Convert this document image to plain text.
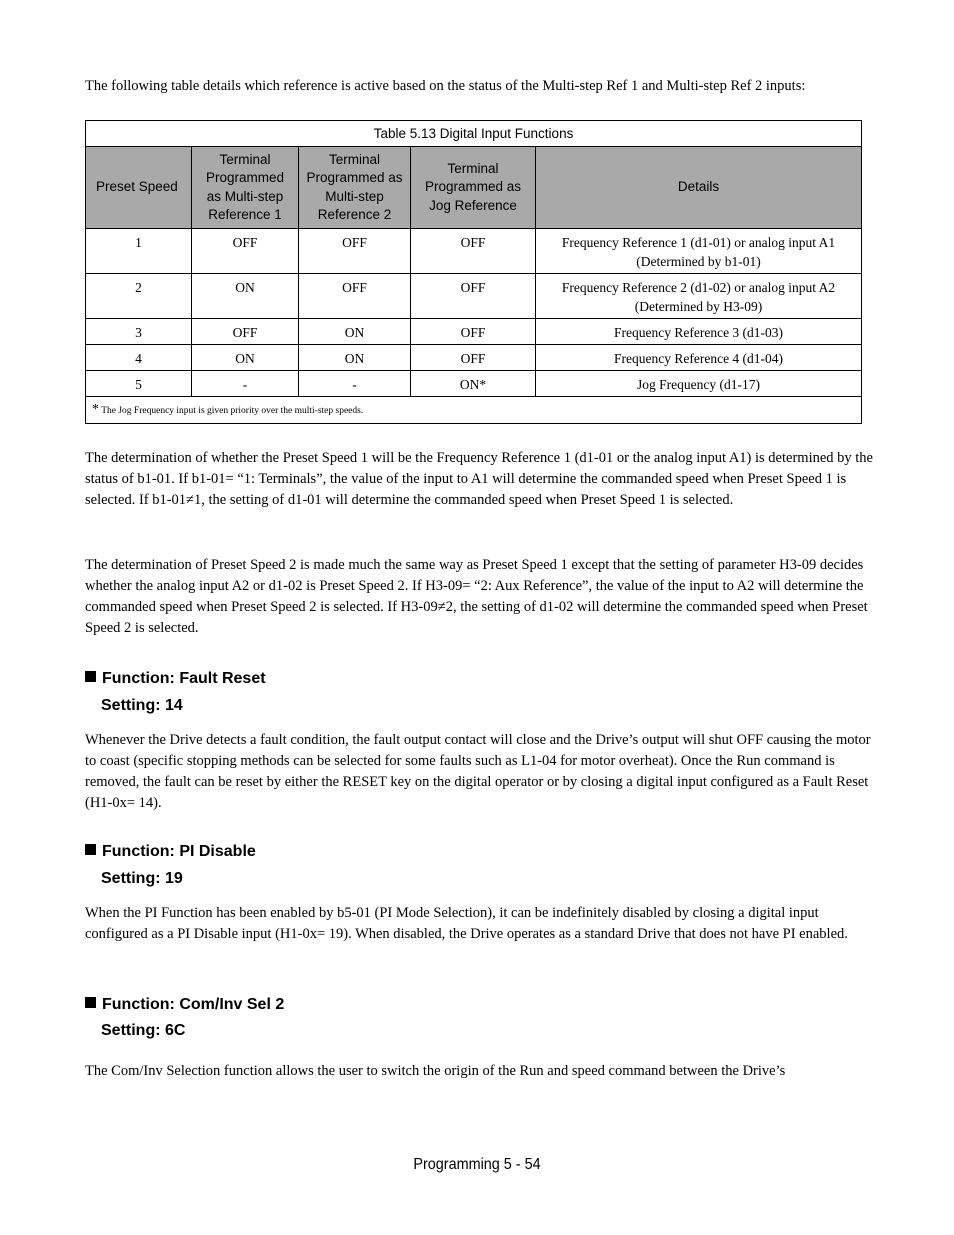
The following table details which reference is active based on the status of the Multi-step Ref 1 and Multi-step Ref 2 inputs:

Table 5.13 Digital Input Functions				
Preset Speed	Terminal Programmed as Multi-step Reference 1	Terminal Programmed as Multi-step Reference 2	Terminal Programmed as Jog Reference	Details
1	OFF	OFF	OFF	Frequency Reference 1 (d1-01) or analog input A1 (Determined by b1-01)
2	ON	OFF	OFF	Frequency Reference 2 (d1-02) or analog input A2 (Determined by H3-09)
3	OFF	ON	OFF	Frequency Reference 3 (d1-03)
4	ON	ON	OFF	Frequency Reference 4 (d1-04)
5	-	-	ON*	Jog Frequency (d1-17)
* The Jog Frequency input is given priority over the multi-step speeds.				

The determination of whether the Preset Speed 1 will be the Frequency Reference 1 (d1-01 or the analog input A1) is determined by the status of b1-01. If b1-01= “1: Terminals”, the value of the input to A1 will determine the commanded speed when Preset Speed 1 is selected. If b1-01≠1, the setting of d1-01 will determine the commanded speed when Preset Speed 1 is selected.

The determination of Preset Speed 2 is made much the same way as Preset Speed 1 except that the setting of parameter H3-09 decides whether the analog input A2 or d1-02 is Preset Speed 2. If H3-09= “2: Aux Reference”, the value of the input to A2 will determine the commanded speed when Preset Speed 2 is selected. If H3-09≠2, the setting of d1-02 will determine the commanded speed when Preset Speed 2 is selected.

Function: Fault Reset
Setting: 14

Whenever the Drive detects a fault condition, the fault output contact will close and the Drive’s output will shut OFF causing the motor to coast (specific stopping methods can be selected for some faults such as L1-04 for motor overheat). Once the Run command is removed, the fault can be reset by either the RESET key on the digital operator or by closing a digital input configured as a Fault Reset (H1-0x= 14).

Function: PI Disable
Setting: 19

When the PI Function has been enabled by b5-01 (PI Mode Selection), it can be indefinitely disabled by closing a digital input configured as a PI Disable input (H1-0x= 19). When disabled, the Drive operates as a standard Drive that does not have PI enabled.

Function: Com/Inv Sel 2
Setting: 6C

The Com/Inv Selection function allows the user to switch the origin of the Run and speed command between the Drive’s

Programming 5 - 54
